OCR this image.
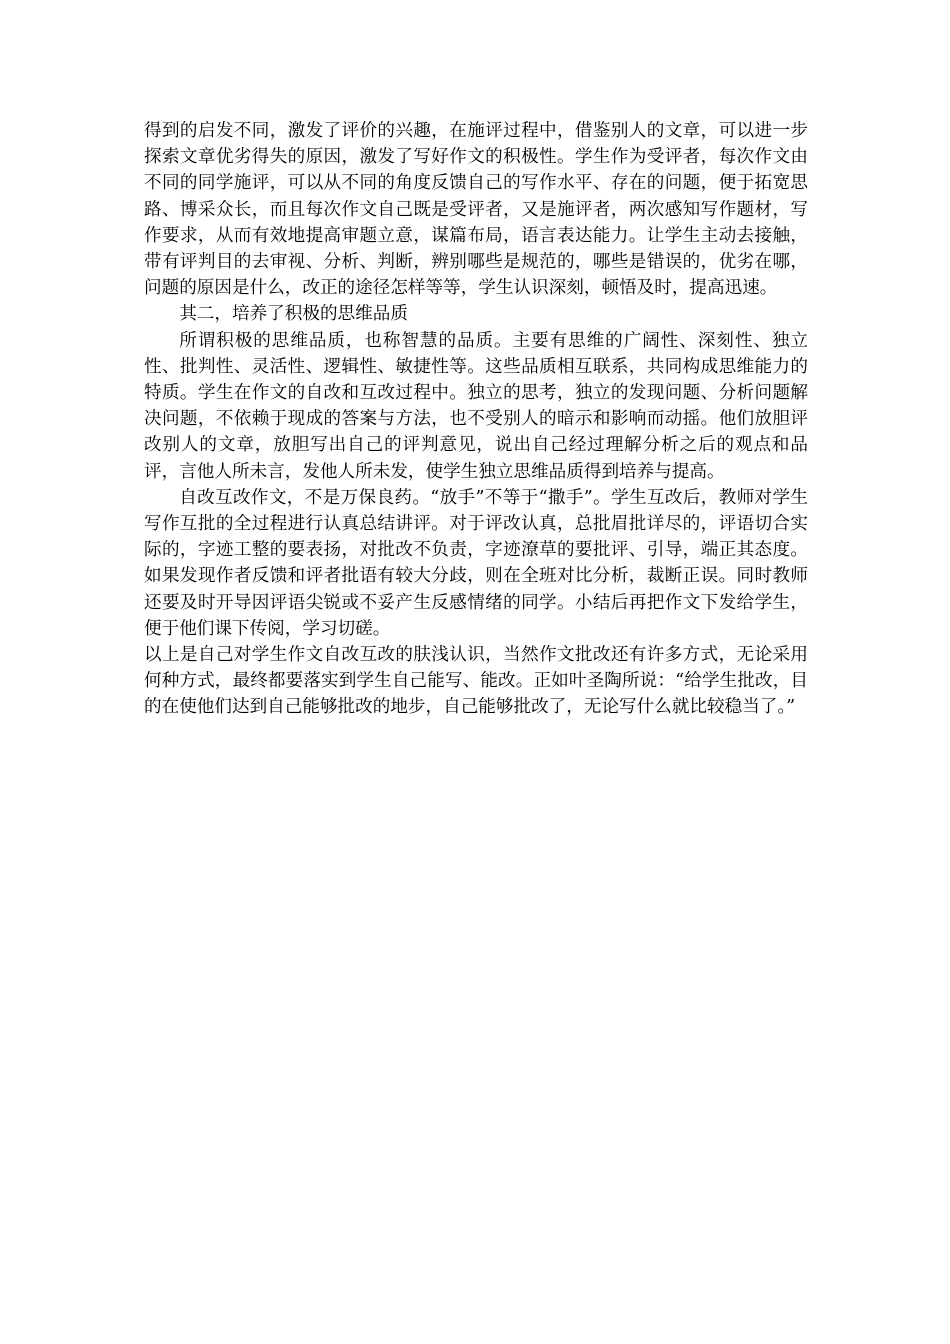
得到的启发不同，激发了评价的兴趣，在施评过程中，借鉴别人的文章，可以进一步探索文章优劣得失的原因，激发了写好作文的积极性。学生作为受评者，每次作文由不同的同学施评，可以从不同的角度反馈自己的写作水平、存在的问题，便于拓宽思路、博采众长，而且每次作文自己既是受评者，又是施评者，两次感知写作题材，写作要求，从而有效地提高审题立意，谋篇布局，语言表达能力。让学生主动去接触，带有评判目的去审视、分析、判断，辨别哪些是规范的，哪些是错误的，优劣在哪，问题的原因是什么，改正的途径怎样等等，学生认识深刻，顿悟及时，提高迅速。

其二，培养了积极的思维品质

所谓积极的思维品质，也称智慧的品质。主要有思维的广阔性、深刻性、独立性、批判性、灵活性、逻辑性、敏捷性等。这些品质相互联系，共同构成思维能力的特质。学生在作文的自改和互改过程中。独立的思考，独立的发现问题、分析问题解决问题，不依赖于现成的答案与方法，也不受别人的暗示和影响而动摇。他们放胆评改别人的文章，放胆写出自己的评判意见，说出自己经过理解分析之后的观点和品评，言他人所未言，发他人所未发，使学生独立思维品质得到培养与提高。

自改互改作文，不是万保良药。“放手”不等于“撒手”。学生互改后，教师对学生写作互批的全过程进行认真总结讲评。对于评改认真，总批眉批详尽的，评语切合实际的，字迹工整的要表扬，对批改不负责，字迹潦草的要批评、引导，端正其态度。如果发现作者反馈和评者批语有较大分歧，则在全班对比分析，裁断正误。同时教师还要及时开导因评语尖锐或不妥产生反感情绪的同学。小结后再把作文下发给学生，便于他们课下传阅，学习切磋。

以上是自己对学生作文自改互改的肤浅认识，当然作文批改还有许多方式，无论采用何种方式，最终都要落实到学生自己能写、能改。正如叶圣陶所说：“给学生批改，目的在使他们达到自己能够批改的地步，自己能够批改了，无论写什么就比较稳当了。”
